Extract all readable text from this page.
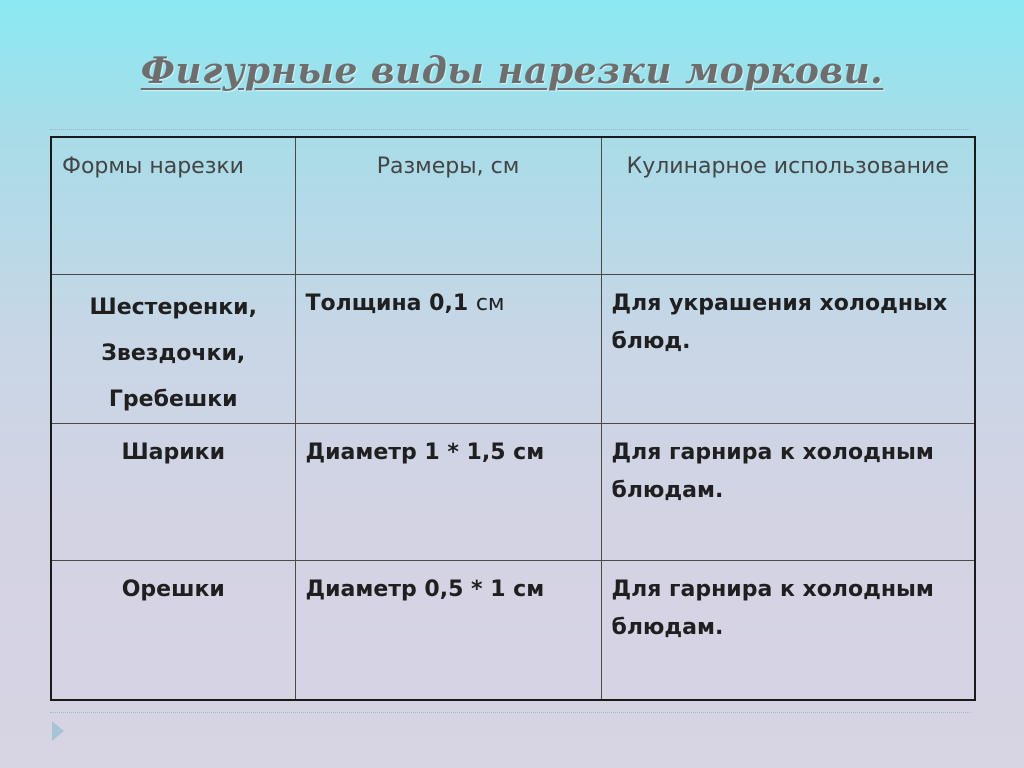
Фигурные виды нарезки моркови.
Формы нарезки	Размеры, см	Кулинарное использование

Шестеренки,
Звездочки,
Гребешки	Толщина 0,1 см	Для украшения холодных блюд.
Шарики	Диаметр 1 * 1,5 см	Для гарнира к холодным блюдам.
Орешки	Диаметр 0,5 * 1 см	Для гарнира к холодным блюдам.
